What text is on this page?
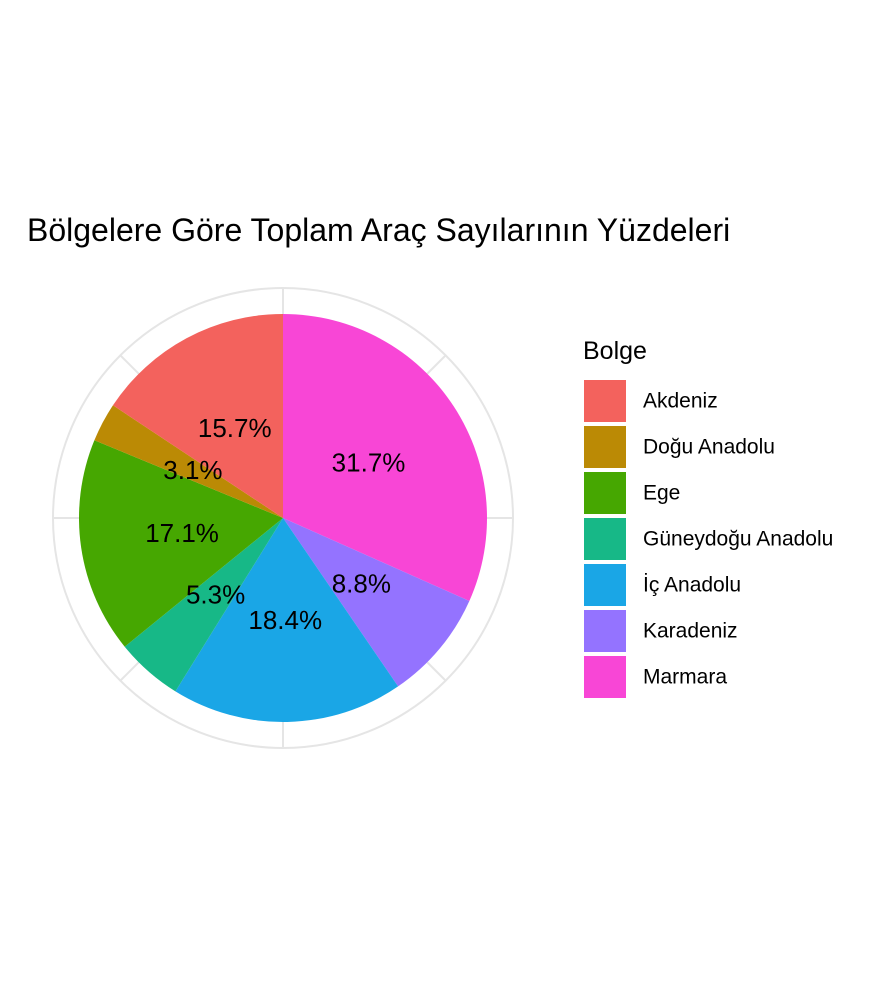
Bölgelere Göre Toplam Araç Sayılarının Yüzdeleri
31.7%
8.8%
18.4%
5.3%
17.1%
3.1%
15.7%
Bolge
Akdeniz
Doğu Anadolu
Ege
Güneydoğu Anadolu
İç Anadolu
Karadeniz
Marmara
